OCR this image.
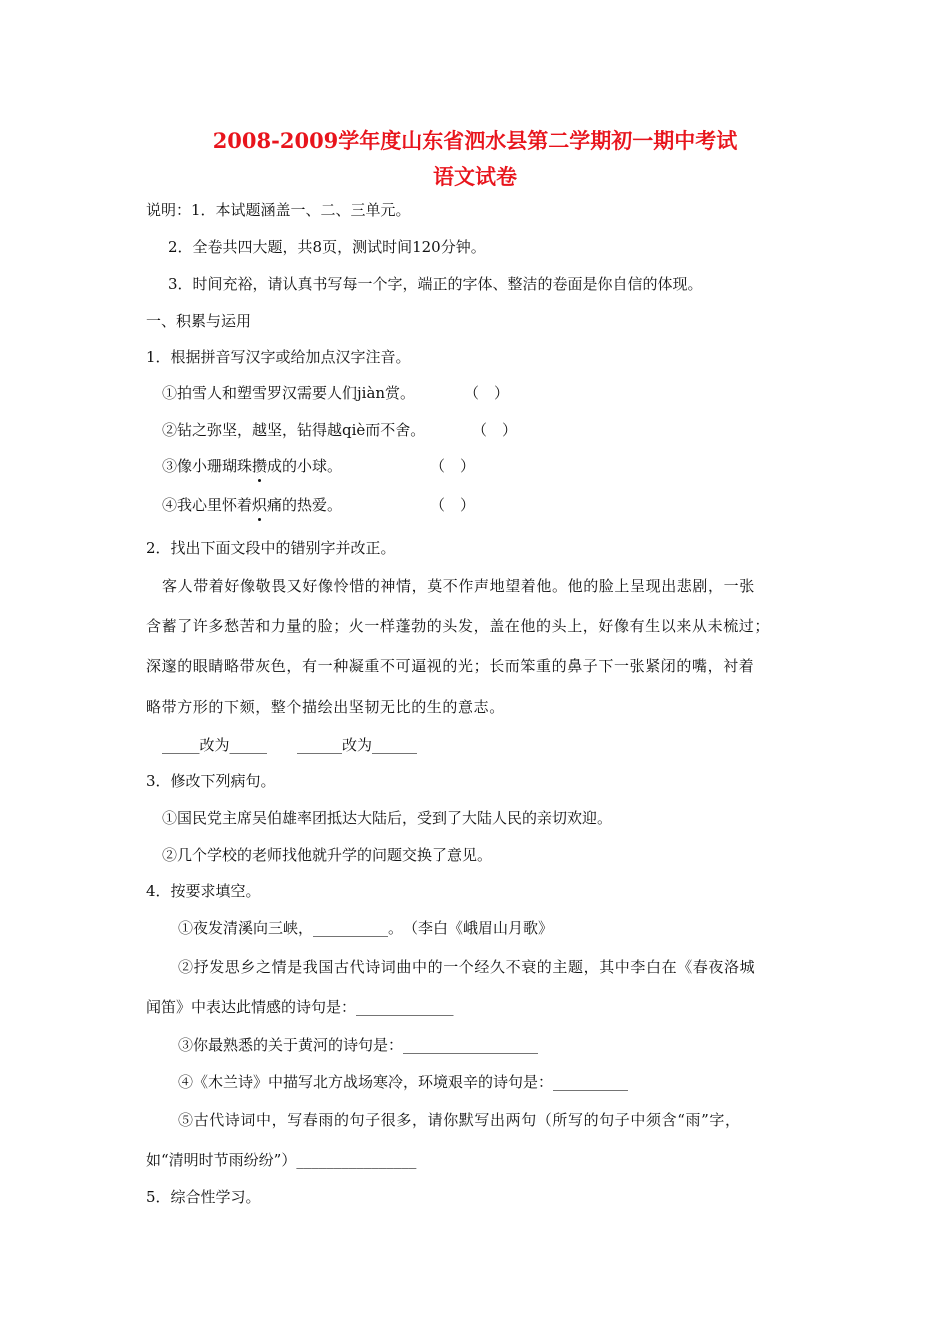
2008-2009学年度山东省泗水县第二学期初一期中考试
语文试卷
说明：1．本试题涵盖一、二、三单元。
2．全卷共四大题，共8页，测试时间120分钟。
3．时间充裕，请认真书写每一个字，端正的字体、整洁的卷面是你自信的体现。
一、积累与运用
1．根据拼音写汉字或给加点汉字注音。
①拍雪人和塑雪罗汉需要人们jiàn赏。	（　）
②钻之弥坚，越坚，钻得越qiè而不舍。	（　）
③像小珊瑚珠攒成的小球。	（　）
④我心里怀着炽痛的热爱。	（　）
2．找出下面文段中的错别字并改正。
客人带着好像敬畏又好像怜惜的神情，莫不作声地望着他。他的脸上呈现出悲剧，一张
含蓄了许多愁苦和力量的脸；火一样蓬勃的头发，盖在他的头上，好像有生以来从未梳过；
深邃的眼睛略带灰色，有一种凝重不可逼视的光；长而笨重的鼻子下一张紧闭的嘴，衬着
略带方形的下颏，整个描绘出坚韧无比的生的意志。
_____改为_____　　______改为______
3．修改下列病句。
①国民党主席吴伯雄率团抵达大陆后，受到了大陆人民的亲切欢迎。
②几个学校的老师找他就升学的问题交换了意见。
4．按要求填空。
①夜发清溪向三峡，__________。　（李白《峨眉山月歌》
②抒发思乡之情是我国古代诗词曲中的一个经久不衰的主题，其中李白在《春夜洛城
闻笛》中表达此情感的诗句是：_____________
③你最熟悉的关于黄河的诗句是：__________________
④《木兰诗》中描写北方战场寒冷，环境艰辛的诗句是：__________
⑤古代诗词中，写春雨的句子很多，请你默写出两句（所写的句子中须含“雨”字，
如“清明时节雨纷纷”）________________
5．综合性学习。
